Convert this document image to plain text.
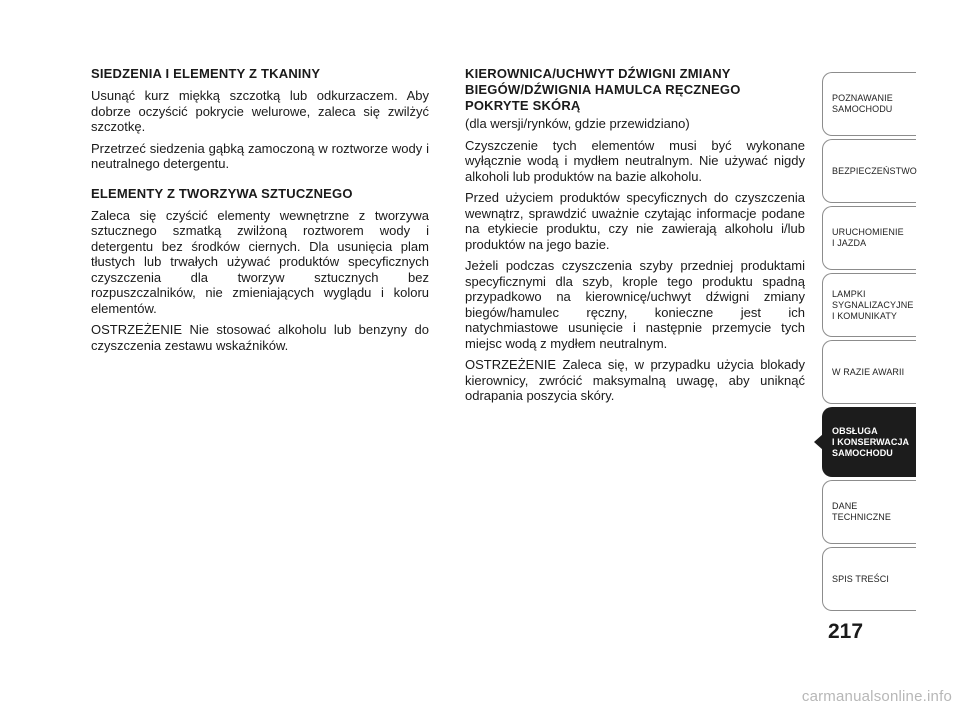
SIEDZENIA I ELEMENTY Z TKANINY

Usunąć kurz miękką szczotką lub odkurzaczem. Aby dobrze oczyścić pokrycie welurowe, zaleca się zwilżyć szczotkę.

Przetrzeć siedzenia gąbką zamoczoną w roztworze wody i neutralnego detergentu.

ELEMENTY Z TWORZYWA SZTUCZNEGO

Zaleca się czyścić elementy wewnętrzne z tworzywa sztucznego szmatką zwilżoną roztworem wody i detergentu bez środków ciernych. Dla usunięcia plam tłustych lub trwałych używać produktów specyficznych czyszczenia dla tworzyw sztucznych bez rozpuszczalników, nie zmieniających wyglądu i koloru elementów.

OSTRZEŻENIE Nie stosować alkoholu lub benzyny do czyszczenia zestawu wskaźników.

KIEROWNICA/UCHWYT DŹWIGNI ZMIANY BIEGÓW/DŹWIGNIA HAMULCA RĘCZNEGO POKRYTE SKÓRĄ

(dla wersji/rynków, gdzie przewidziano)

Czyszczenie tych elementów musi być wykonane wyłącznie wodą i mydłem neutralnym. Nie używać nigdy alkoholi lub produktów na bazie alkoholu.

Przed użyciem produktów specyficznych do czyszczenia wewnątrz, sprawdzić uważnie czytając informacje podane na etykiecie produktu, czy nie zawierają alkoholu i/lub produktów na jego bazie.

Jeżeli podczas czyszczenia szyby przedniej produktami specyficznymi dla szyb, krople tego produktu spadną przypadkowo na kierownicę/uchwyt dźwigni zmiany biegów/hamulec ręczny, konieczne jest ich natychmiastowe usunięcie i następnie przemycie tych miejsc wodą z mydłem neutralnym.

OSTRZEŻENIE Zaleca się, w przypadku użycia blokady kierownicy, zwrócić maksymalną uwagę, aby uniknąć odrapania poszycia skóry.

POZNAWANIE
SAMOCHODU
BEZPIECZEŃSTWO
URUCHOMIENIE
I JAZDA
LAMPKI
SYGNALIZACYJNE
I KOMUNIKATY
W RAZIE AWARII
OBSŁUGA
I KONSERWACJA
SAMOCHODU
DANE
TECHNICZNE
SPIS TREŚCI
217
carmanualsonline.info
